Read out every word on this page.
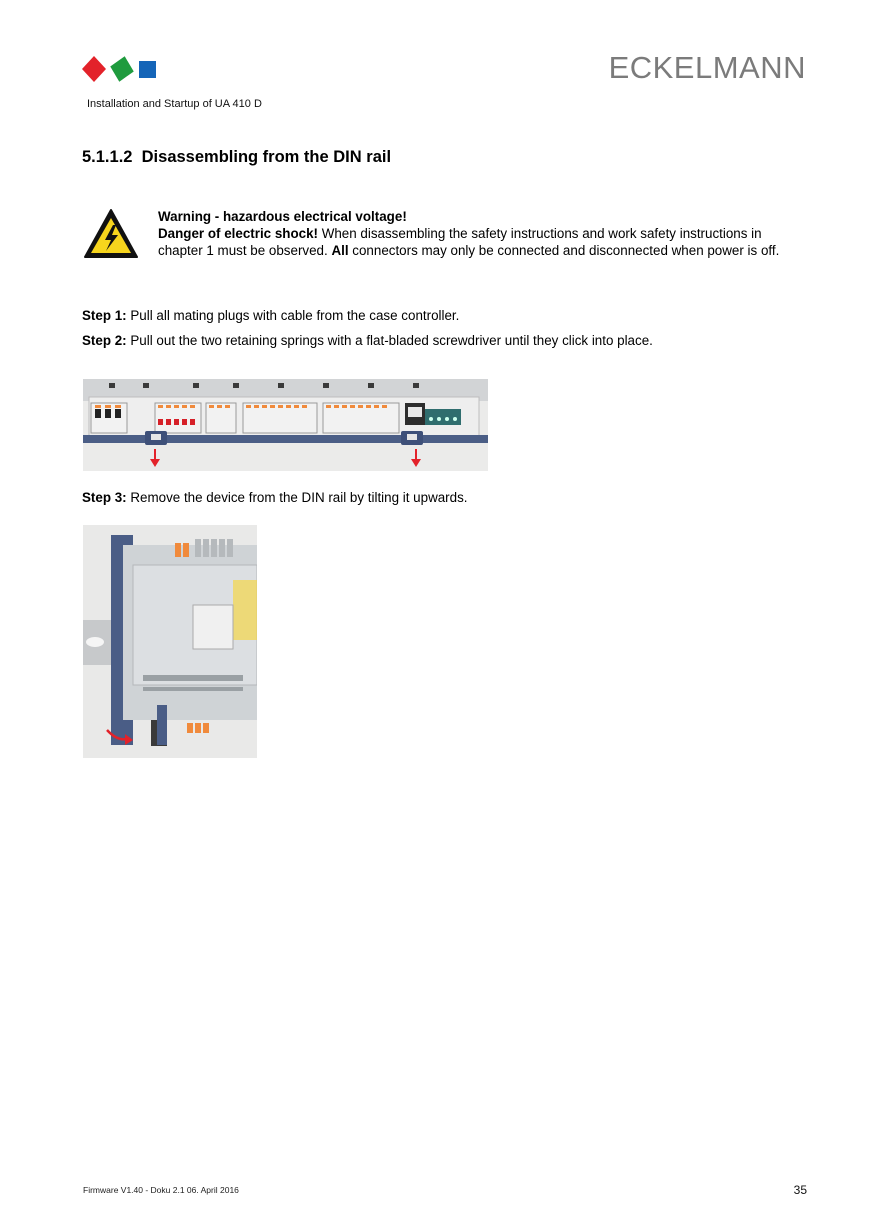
ECKELMANN
Installation and Startup of UA 410 D
5.1.1.2 Disassembling from the DIN rail
Warning - hazardous electrical voltage!
Danger of electric shock! When disassembling the safety instructions and work safety instructions in chapter 1 must be observed. All connectors may only be connected and disconnected when power is off.
Step 1: Pull all mating plugs with cable from the case controller.
Step 2: Pull out the two retaining springs with a flat-bladed screwdriver until they click into place.
Step 3: Remove the device from the DIN rail by tilting it upwards.
Firmware V1.40 - Doku 2.1 06. April 2016	35
